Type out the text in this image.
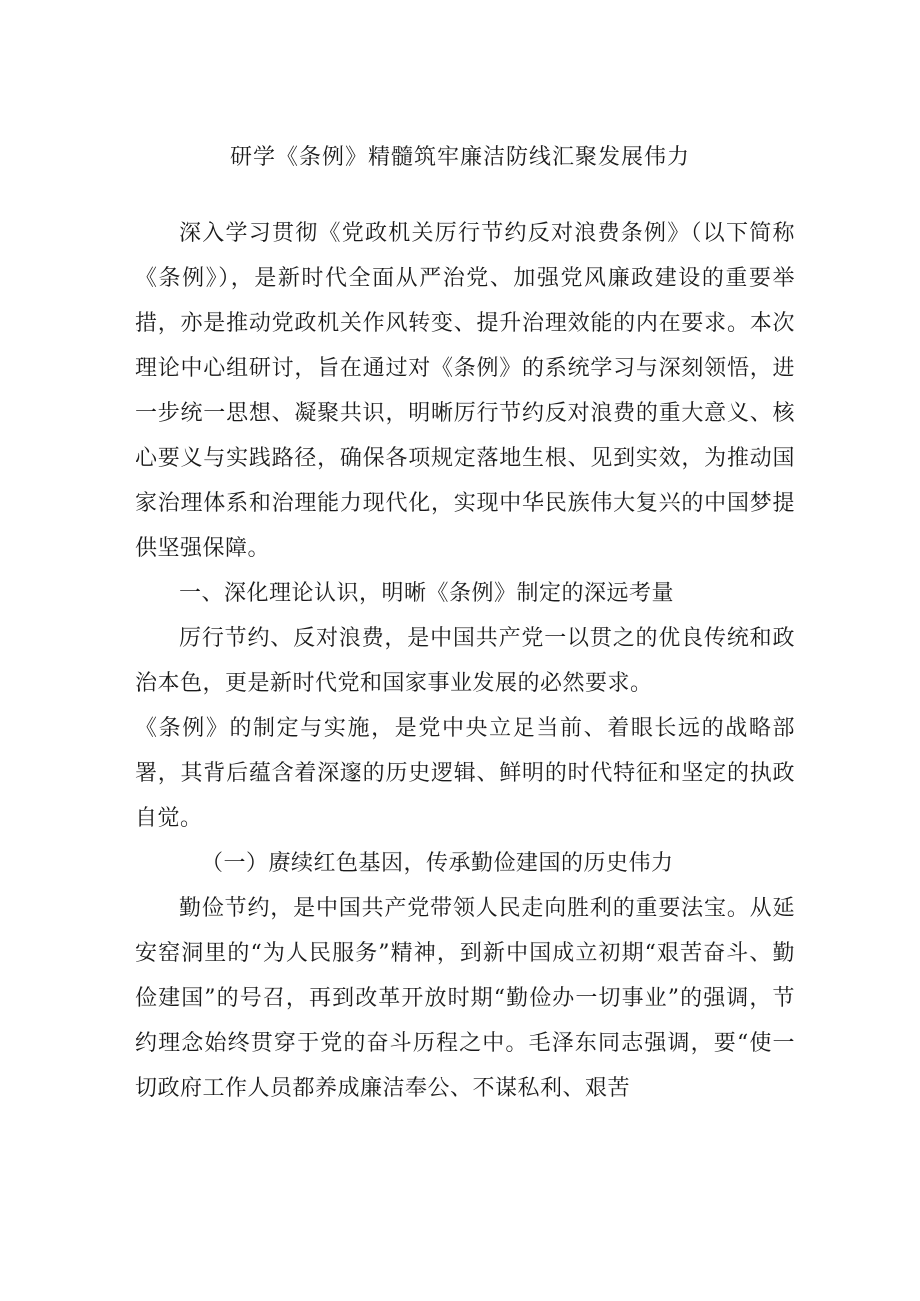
研学《条例》精髓筑牢廉洁防线汇聚发展伟力

深入学习贯彻《党政机关厉行节约反对浪费条例》（以下简称《条例》），是新时代全面从严治党、加强党风廉政建设的重要举措，亦是推动党政机关作风转变、提升治理效能的内在要求。本次理论中心组研讨，旨在通过对《条例》的系统学习与深刻领悟，进一步统一思想、凝聚共识，明晰厉行节约反对浪费的重大意义、核心要义与实践路径，确保各项规定落地生根、见到实效，为推动国家治理体系和治理能力现代化，实现中华民族伟大复兴的中国梦提供坚强保障。

一、深化理论认识，明晰《条例》制定的深远考量

厉行节约、反对浪费，是中国共产党一以贯之的优良传统和政治本色，更是新时代党和国家事业发展的必然要求。

《条例》的制定与实施，是党中央立足当前、着眼长远的战略部署，其背后蕴含着深邃的历史逻辑、鲜明的时代特征和坚定的执政自觉。

（一）赓续红色基因，传承勤俭建国的历史伟力

勤俭节约，是中国共产党带领人民走向胜利的重要法宝。从延安窑洞里的“为人民服务”精神，到新中国成立初期“艰苦奋斗、勤俭建国”的号召，再到改革开放时期“勤俭办一切事业”的强调，节约理念始终贯穿于党的奋斗历程之中。毛泽东同志强调，要“使一切政府工作人员都养成廉洁奉公、不谋私利、艰苦
